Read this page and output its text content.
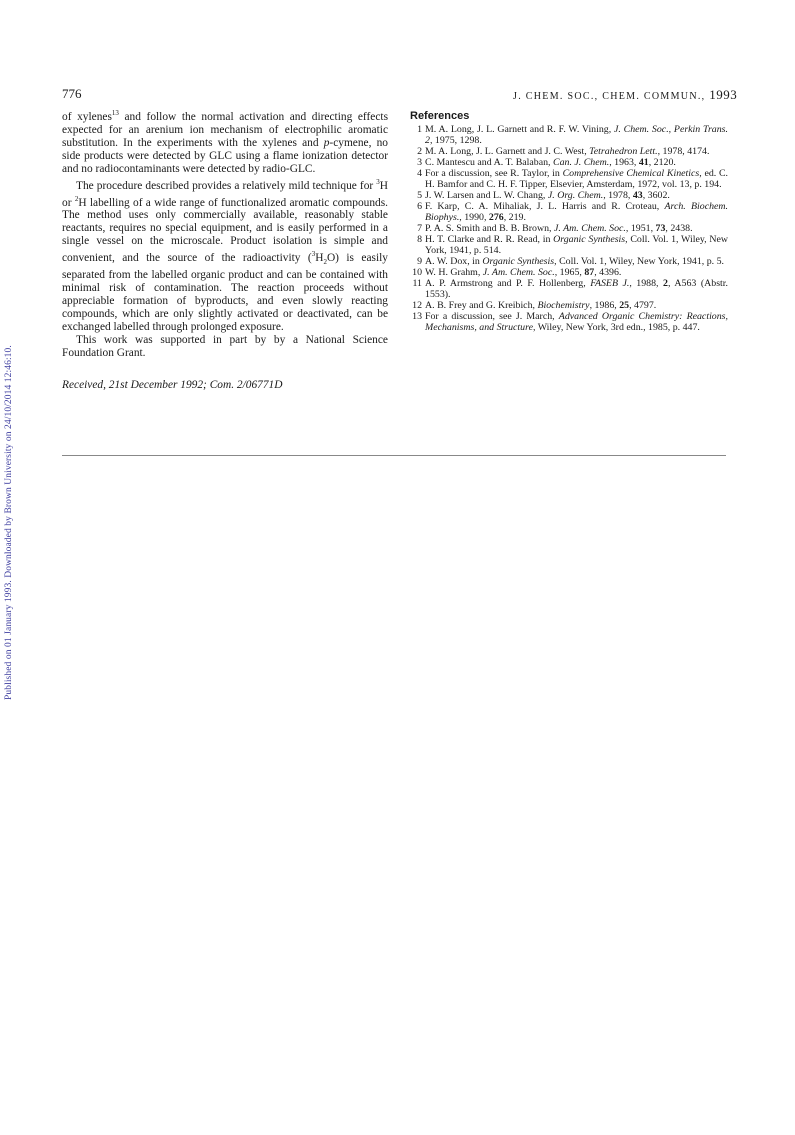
Published on 01 January 1993. Downloaded by Brown University on 24/10/2014 12:46:10.
776	J. CHEM. SOC., CHEM. COMMUN., 1993

of xylenes$^{13}$ and follow the normal activation and directing effects expected for an arenium ion mechanism of electrophilic aromatic substitution. In the experiments with the xylenes and p-cymene, no side products were detected by GLC using a flame ionization detector and no radiocontaminants were detected by radio-GLC.

The procedure described provides a relatively mild technique for $^3$H or $^2$H labelling of a wide range of functionalized aromatic compounds. The method uses only commercially available, reasonably stable reactants, requires no special equipment, and is easily performed in a single vessel on the microscale. Product isolation is simple and convenient, and the source of the radioactivity $(^3H_2O)$ is easily separated from the labelled organic product and can be contained with minimal risk of contamination. The reaction proceeds without appreciable formation of byproducts, and even slowly reacting compounds, which are only slightly activated or deactivated, can be exchanged labelled through prolonged exposure.

This work was supported in part by by a National Science Foundation Grant.

Received, 21st December 1992; Com. 2/06771D

References

1 M. A. Long, J. L. Garnett and R. F. W. Vining, J. Chem. Soc., Perkin Trans. 2, 1975, 1298.

2 M. A. Long, J. L. Garnett and J. C. West, Tetrahedron Lett., 1978, 4174.

3 C. Mantescu and A. T. Balaban, Can. J. Chem., 1963, 41, 2120.

4 For a discussion, see R. Taylor, in Comprehensive Chemical Kinetics, ed. C. H. Bamfor and C. H. F. Tipper, Elsevier, Amsterdam, 1972, vol. 13, p. 194.

5 J. W. Larsen and L. W. Chang, J. Org. Chem., 1978, 43, 3602.

6 F. Karp, C. A. Mihaliak, J. L. Harris and R. Croteau, Arch. Biochem. Biophys., 1990, 276, 219.

7 P. A. S. Smith and B. B. Brown, J. Am. Chem. Soc., 1951, 73, 2438.

8 H. T. Clarke and R. R. Read, in Organic Synthesis, Coll. Vol. 1, Wiley, New York, 1941, p. 514.

9 A. W. Dox, in Organic Synthesis, Coll. Vol. 1, Wiley, New York, 1941, p. 5.

10 W. H. Grahm, J. Am. Chem. Soc., 1965, 87, 4396.

11 A. P. Armstrong and P. F. Hollenberg, FASEB J., 1988, 2, A563 (Abstr. 1553).

12 A. B. Frey and G. Kreibich, Biochemistry, 1986, 25, 4797.

13 For a discussion, see J. March, Advanced Organic Chemistry: Reactions, Mechanisms, and Structure, Wiley, New York, 3rd edn., 1985, p. 447.
